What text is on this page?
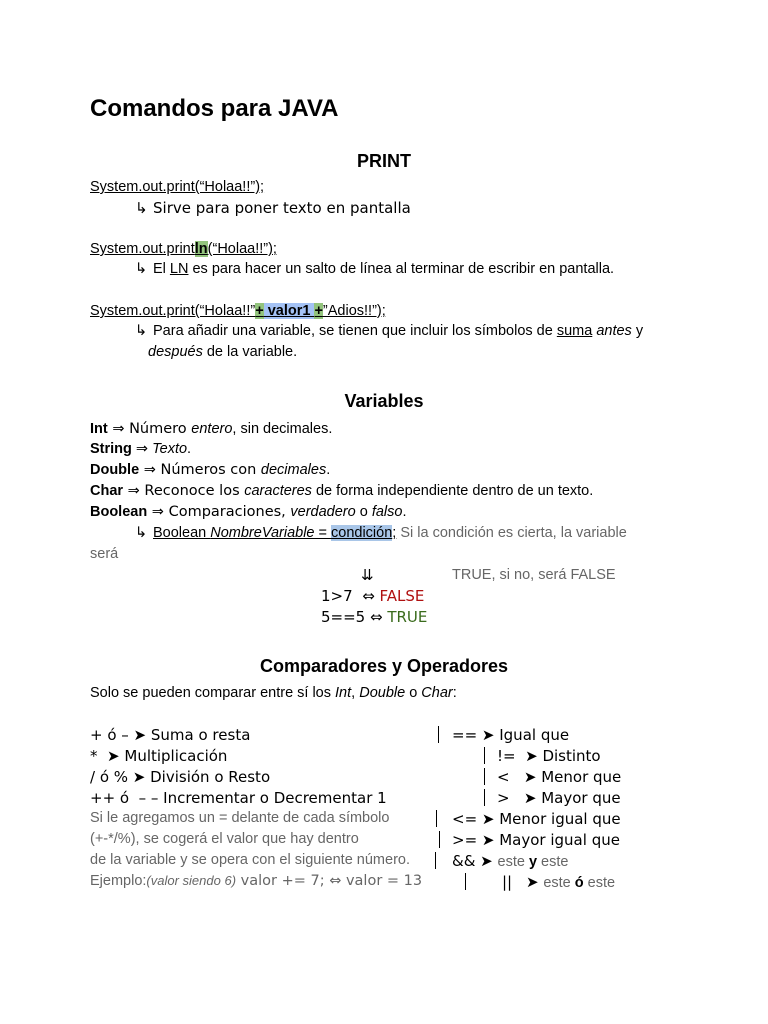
Comandos para JAVA
PRINT
System.out.print(“Holaa!!”);
↳ Sirve para poner texto en pantalla
System.out.println(“Holaa!!”);
↳ El LN es para hacer un salto de línea al terminar de escribir en pantalla.
System.out.print(“Holaa!!”+ valor1 +”Adios!!”);
↳ Para añadir una variable, se tienen que incluir los símbolos de suma antes y
después de la variable.
Variables
Int ⇒ Número entero, sin decimales.
String ⇒ Texto.
Double ⇒ Números con decimales.
Char ⇒ Reconoce los caracteres de forma independiente dentro de un texto.
Boolean ⇒ Comparaciones, verdadero o falso.
↳ Boolean NombreVariable = condición; Si la condición es cierta, la variable
será
⇊	TRUE, si no, será FALSE
1>7  ⇔ FALSE
5==5 ⇔ TRUE
Comparadores y Operadores
Solo se pueden comparar entre sí los Int, Double o Char:
+ ó – ➤ Suma o resta
*  ➤ Multiplicación
/ ó % ➤ División o Resto
++ ó  – – Incrementar o Decrementar 1
Si le agregamos un = delante de cada símbolo
(+-*/%), se cogerá el valor que hay dentro
de la variable y se opera con el siguiente número.
Ejemplo:(valor siendo 6) valor += 7; ⇔ valor = 13
== ➤ Igual que
!=  ➤ Distinto
<   ➤ Menor que
>   ➤ Mayor que
<= ➤ Menor igual que
>= ➤ Mayor igual que
&& ➤ este y este
|| ➤ este ó este
